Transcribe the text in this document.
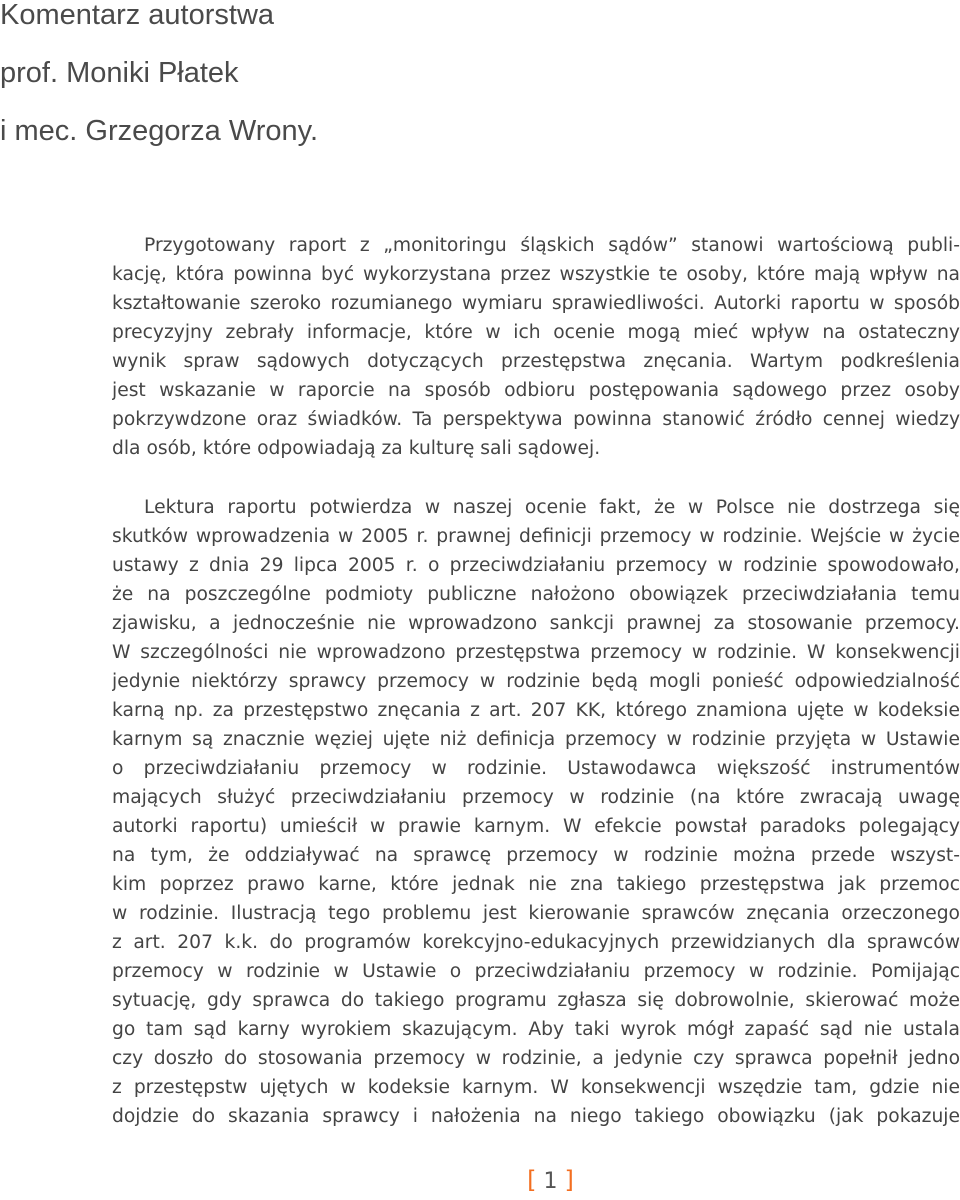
Komentarz autorstwa
prof. Moniki Płatek
i mec. Grzegorza Wrony.

Przygotowany raport z „monitoringu śląskich sądów” stanowi wartościową publi-
kację, która powinna być wykorzystana przez wszystkie te osoby, które mają wpływ na
kształtowanie szeroko rozumianego wymiaru sprawiedliwości. Autorki raportu w sposób
precyzyjny zebrały informacje, które w ich ocenie mogą mieć wpływ na ostateczny
wynik spraw sądowych dotyczących przestępstwa znęcania. Wartym podkreślenia
jest wskazanie w raporcie na sposób odbioru postępowania sądowego przez osoby
pokrzywdzone oraz świadków. Ta perspektywa powinna stanowić źródło cennej wiedzy
dla osób, które odpowiadają za kulturę sali sądowej.

Lektura raportu potwierdza w naszej ocenie fakt, że w Polsce nie dostrzega się
skutków wprowadzenia w 2005 r. prawnej definicji przemocy w rodzinie. Wejście w życie
ustawy z dnia 29 lipca 2005 r. o przeciwdziałaniu przemocy w rodzinie spowodowało,
że na poszczególne podmioty publiczne nałożono obowiązek przeciwdziałania temu
zjawisku, a jednocześnie nie wprowadzono sankcji prawnej za stosowanie przemocy.
W szczególności nie wprowadzono przestępstwa przemocy w rodzinie. W konsekwencji
jedynie niektórzy sprawcy przemocy w rodzinie będą mogli ponieść odpowiedzialność
karną np. za przestępstwo znęcania z art. 207 KK, którego znamiona ujęte w kodeksie
karnym są znacznie węziej ujęte niż definicja przemocy w rodzinie przyjęta w Ustawie
o przeciwdziałaniu przemocy w rodzinie. Ustawodawca większość instrumentów
mających służyć przeciwdziałaniu przemocy w rodzinie (na które zwracają uwagę
autorki raportu) umieścił w prawie karnym. W efekcie powstał paradoks polegający
na tym, że oddziaływać na sprawcę przemocy w rodzinie można przede wszyst-
kim poprzez prawo karne, które jednak nie zna takiego przestępstwa jak przemoc
w rodzinie. Ilustracją tego problemu jest kierowanie sprawców znęcania orzeczonego
z art. 207 k.k. do programów korekcyjno-edukacyjnych przewidzianych dla sprawców
przemocy w rodzinie w Ustawie o przeciwdziałaniu przemocy w rodzinie. Pomijając
sytuację, gdy sprawca do takiego programu zgłasza się dobrowolnie, skierować może
go tam sąd karny wyrokiem skazującym. Aby taki wyrok mógł zapaść sąd nie ustala
czy doszło do stosowania przemocy w rodzinie, a jedynie czy sprawca popełnił jedno
z przestępstw ujętych w kodeksie karnym. W konsekwencji wszędzie tam, gdzie nie
dojdzie do skazania sprawcy i nałożenia na niego takiego obowiązku (jak pokazuje

[ 1 ]
